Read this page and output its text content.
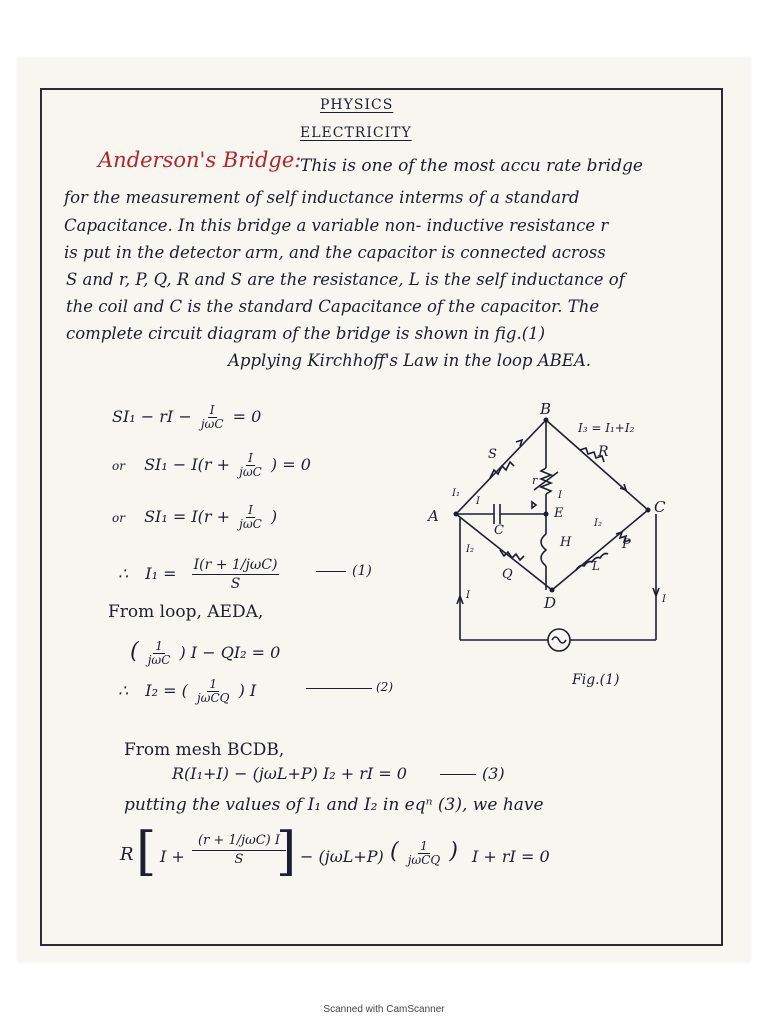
PHYSICS
ELECTRICITY
Anderson's Bridge:
This is one of the most accu rate bridge
for the measurement of self inductance interms of a standard
Capacitance. In this bridge a variable non- inductive resistance r
is put in the detector arm, and the capacitor is connected across
S and r, P, Q, R and S are the resistance, L is the self inductance of
the coil and C is the standard Capacitance of the capacitor. The
complete circuit diagram of the bridge is shown in fig.(1)
Applying Kirchhoff's Law in the loop ABEA.
SI₁ − rI − $\frac{I}{\text{jωC}} = 0$
or $SI_1 - I(r + \frac{I}{\text{jωC}}$ ) = 0
or $SI_1 = I(r + \frac{I}{\text{jωC}}$ )
∴ $I_1 = \frac{\text{I(r + 1/jωC)}}{S}$	(1)
From loop, AEDA,
( $\frac{1}{\text{jωC}}$ ) I − QI₂ = 0
∴ I₂ = ( $\frac{1}{\text{jωCQ}}$ ) I	(2)
From mesh BCDB,
R(I₁+I) − (jωL+P) I₂ + rI = 0	(3)
putting the values of I₁ and I₂ in eqⁿ (3), we have
R [ $I + \frac{\text{(r + 1/jωC) I}}{S}$
] − (jωL+P) ( $\frac{1}{\text{jωCQ}}$ ) I + rI = 0
A
B
C
D
E
S	R
r
C
H	P
L
Q
I₃ = I₁+I₂
I₁
I
I
I₂
I₂
I	I
Fig.(1)
Scanned with CamScanner
